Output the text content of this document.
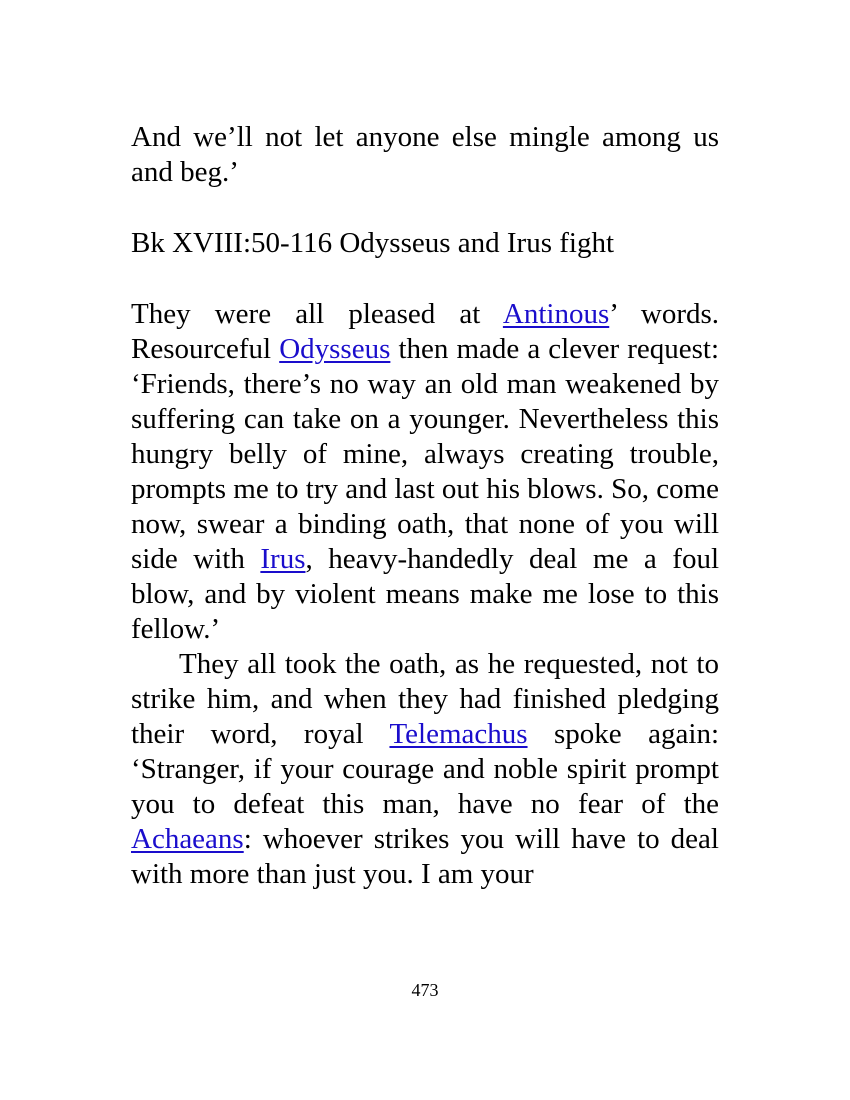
And we’ll not let anyone else mingle among us and beg.’

Bk XVIII:50-116 Odysseus and Irus fight

They were all pleased at Antinous’ words. Resourceful Odysseus then made a clever request: ‘Friends, there’s no way an old man weakened by suffering can take on a younger. Nevertheless this hungry belly of mine, always creating trouble, prompts me to try and last out his blows. So, come now, swear a binding oath, that none of you will side with Irus, heavy-handedly deal me a foul blow, and by violent means make me lose to this fellow.’

They all took the oath, as he requested, not to strike him, and when they had finished pledging their word, royal Telemachus spoke again: ‘Stranger, if your courage and noble spirit prompt you to defeat this man, have no fear of the Achaeans: whoever strikes you will have to deal with more than just you. I am your

473
